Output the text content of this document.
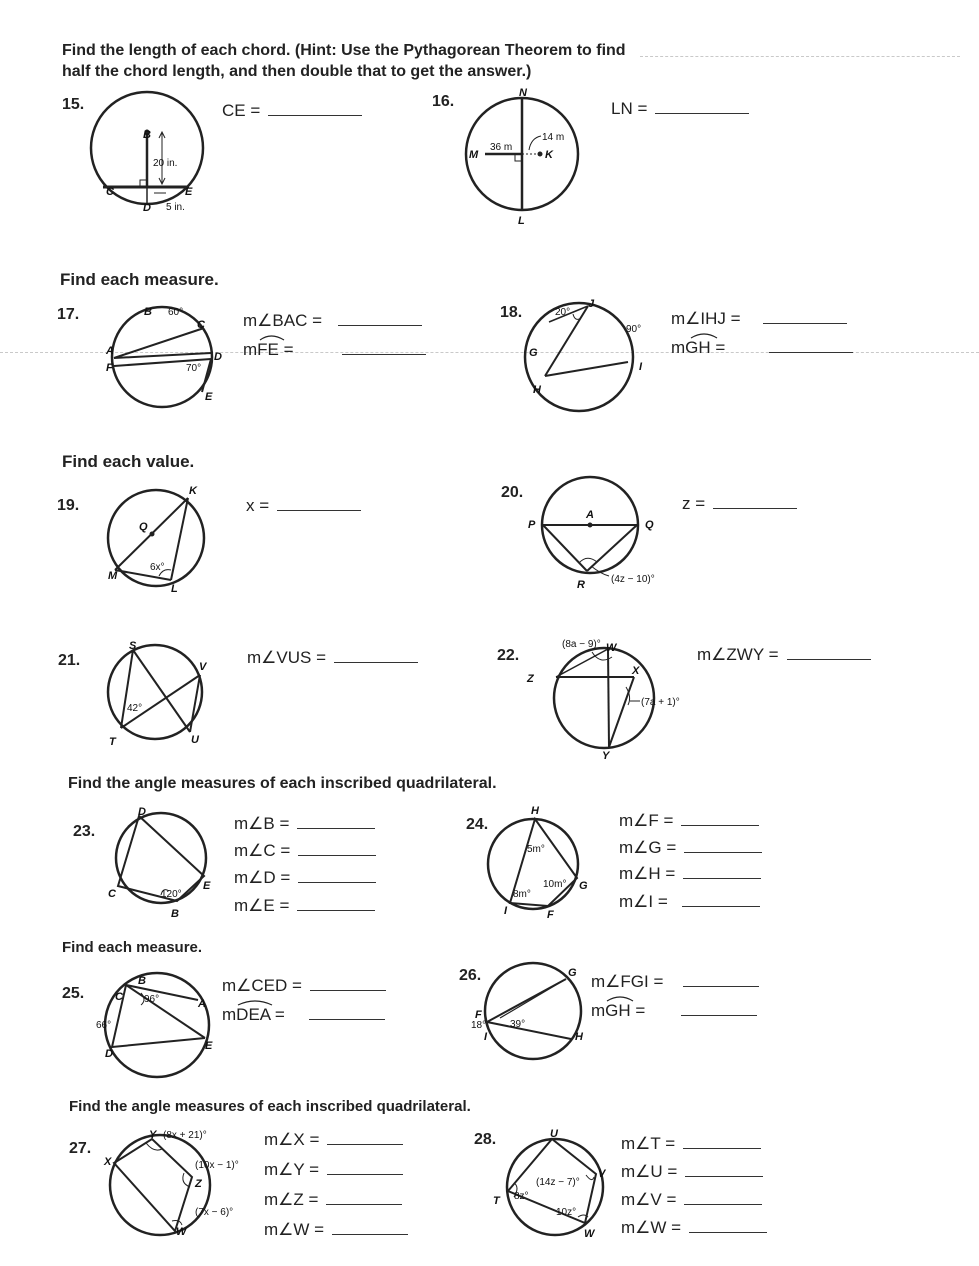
Find the length of each chord. (Hint: Use the Pythagorean Theorem to find
half the chord length, and then double that to get the answer.)
Find each measure.
Find each value.
Find the angle measures of each inscribed quadrilateral.
Find each measure.
Find the angle measures of each inscribed quadrilateral.
15.	16.
17.	18.
19.
20.
21.	22.
23.	24.
25.
26.
27.
28.
CE =	LN =
m∠BAC =
mFE =
m∠IHJ =
mGH =
x =	z =
m∠VUS =	m∠ZWY =
m∠B =
m∠C =
m∠D =
m∠E =
m∠F =
m∠G =
m∠H =
m∠I =
m∠CED =
mDEA =
m∠FGI =
mGH =
m∠X =
m∠Y =
m∠Z =
m∠W =
m∠T =
m∠U =
m∠V =
m∠W =
B
C
D
E
20 in.
5 in.
N
M	K
L
36 m
14 m
B 60°
C
A
F
D
70°
E
20°
J
90°
G
H
I
K
Q
M
6x°
L
A
P	Q
R	(4z − 10)°
S
V
42°
T	U
(8a − 9)° W
Z
X
(7a + 1)°
Y
D
C	120°
E
B
H
5m°
10m° G
8m°
I	F
B
C 96°	A
66°
D
E
G
F
18° 39°
I	H
Y (8x + 21)°
X	(10x − 1)°
Z
(7x − 6)°
W
U
(14z − 7)°
V
T 8z°
10z°
W
